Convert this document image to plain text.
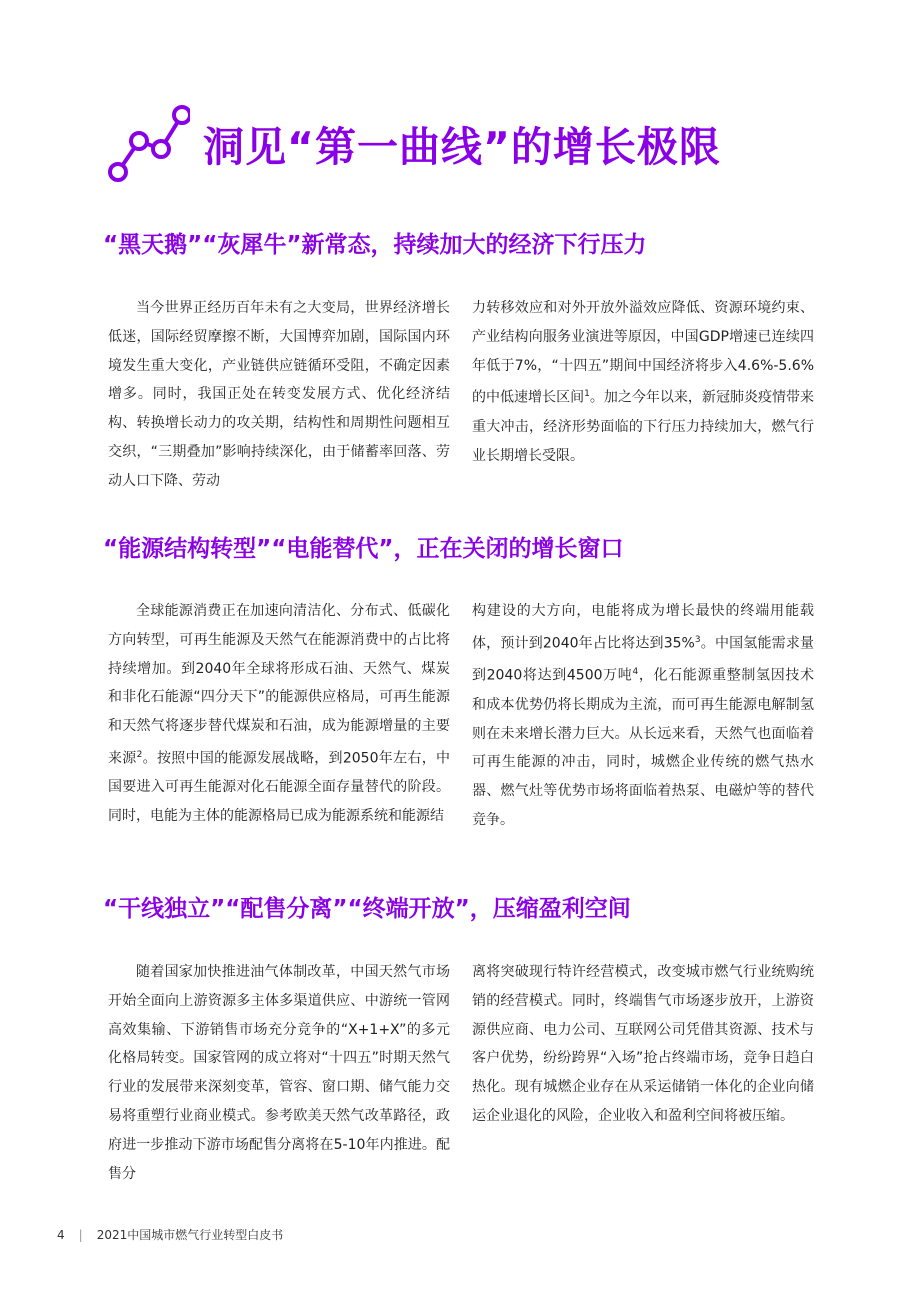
洞见“第一曲线”的增长极限
“黑天鹅”“灰犀牛”新常态，持续加大的经济下行压力

当今世界正经历百年未有之大变局，世界经济增长低迷，国际经贸摩擦不断，大国博弈加剧，国际国内环境发生重大变化，产业链供应链循环受阻，不确定因素增多。同时，我国正处在转变发展方式、优化经济结构、转换增长动力的攻关期，结构性和周期性问题相互交织，“三期叠加”影响持续深化，由于储蓄率回落、劳动人口下降、劳动

力转移效应和对外开放外溢效应降低、资源环境约束、产业结构向服务业演进等原因，中国GDP增速已连续四年低于7%，“十四五”期间中国经济将步入4.6%-5.6%的中低速增长区间$^1$。加之今年以来，新冠肺炎疫情带来重大冲击，经济形势面临的下行压力持续加大，燃气行业长期增长受限。

“能源结构转型”“电能替代”，正在关闭的增长窗口

全球能源消费正在加速向清洁化、分布式、低碳化方向转型，可再生能源及天然气在能源消费中的占比将持续增加。到2040年全球将形成石油、天然气、煤炭和非化石能源“四分天下”的能源供应格局，可再生能源和天然气将逐步替代煤炭和石油，成为能源增量的主要来源$^2$。按照中国的能源发展战略，到2050年左右，中国要进入可再生能源对化石能源全面存量替代的阶段。同时，电能为主体的能源格局已成为能源系统和能源结

构建设的大方向，电能将成为增长最快的终端用能载体，预计到2040年占比将达到35%$^3$。中国氢能需求量到2040将达到4500万吨$^4$，化石能源重整制氢因技术和成本优势仍将长期成为主流，而可再生能源电解制氢则在未来增长潜力巨大。从长远来看，天然气也面临着可再生能源的冲击，同时，城燃企业传统的燃气热水器、燃气灶等优势市场将面临着热泵、电磁炉等的替代竞争。

“干线独立”“配售分离”“终端开放”，压缩盈利空间

随着国家加快推进油气体制改革，中国天然气市场开始全面向上游资源多主体多渠道供应、中游统一管网高效集输、下游销售市场充分竞争的“X+1+X”的多元化格局转变。国家管网的成立将对“十四五”时期天然气行业的发展带来深刻变革，管容、窗口期、储气能力交易将重塑行业商业模式。参考欧美天然气改革路径，政府进一步推动下游市场配售分离将在5-10年内推进。配售分

离将突破现行特许经营模式，改变城市燃气行业统购统销的经营模式。同时，终端售气市场逐步放开，上游资源供应商、电力公司、互联网公司凭借其资源、技术与客户优势，纷纷跨界“入场”抢占终端市场，竞争日趋白热化。现有城燃企业存在从采运储销一体化的企业向储运企业退化的风险，企业收入和盈利空间将被压缩。

4 | 2021中国城市燃气行业转型白皮书
